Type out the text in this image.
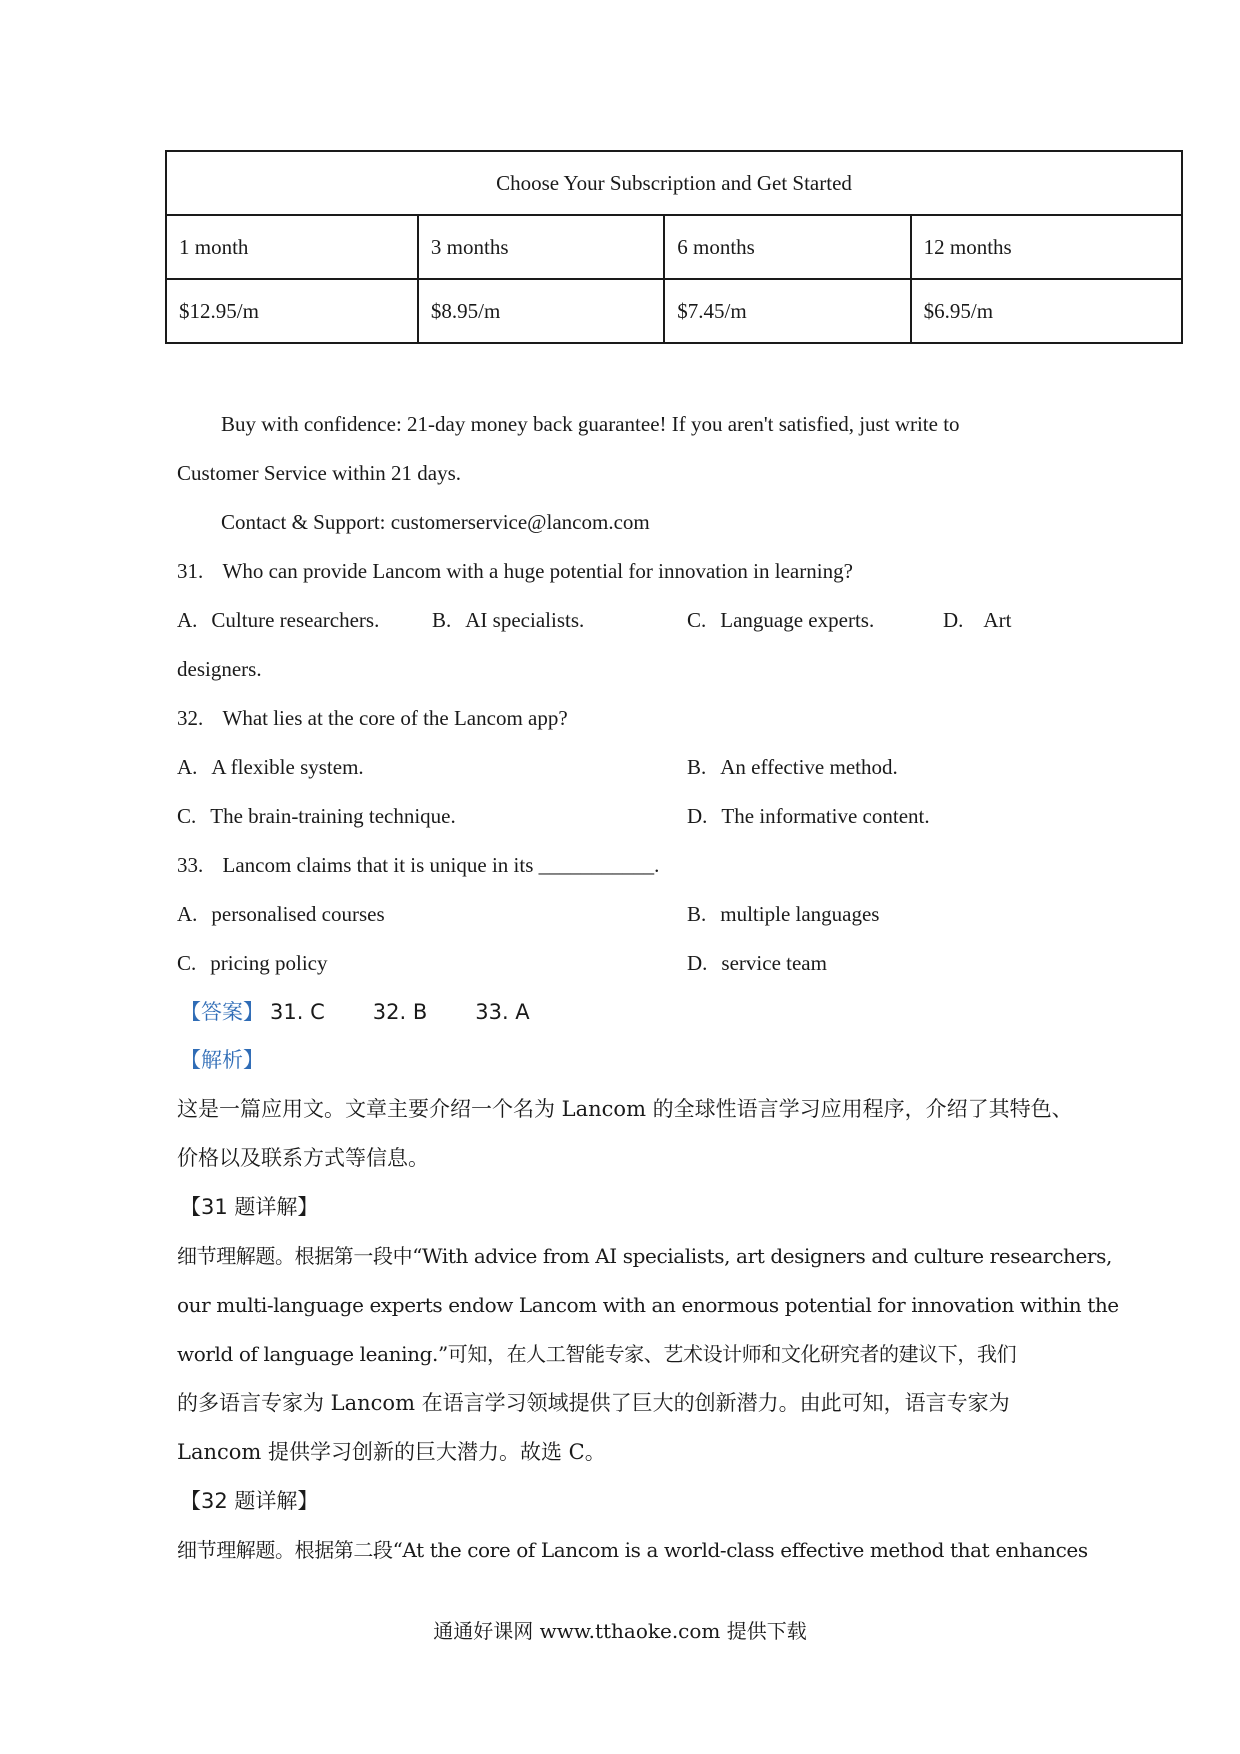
Choose Your Subscription and Get Started			
1 month	3 months	6 months	12 months
$12.95/m	$8.95/m	$7.45/m	$6.95/m
Buy with confidence: 21-day money back guarantee! If you aren't satisfied, just write to
Customer Service within 21 days.
Contact & Support: customerservice@lancom.com
31. Who can provide Lancom with a huge potential for innovation in learning?
A. Culture researchers.	B. AI specialists.	C. Language experts.	D. Art
designers.
32. What lies at the core of the Lancom app?
A. A flexible system.	B. An effective method.
C. The brain-training technique.	D. The informative content.
33. Lancom claims that it is unique in its ___________.
A. personalised courses	B. multiple languages
C. pricing policy	D. service team
【答案】 31. C 32. B 33. A
【解析】
这是一篇应用文。文章主要介绍一个名为 Lancom 的全球性语言学习应用程序，介绍了其特色、
价格以及联系方式等信息。
【31 题详解】
细节理解题。根据第一段中“With advice from AI specialists, art designers and culture researchers,
our multi-language experts endow Lancom with an enormous potential for innovation within the
world of language leaning.”可知，在人工智能专家、艺术设计师和文化研究者的建议下，我们
的多语言专家为 Lancom 在语言学习领域提供了巨大的创新潜力。由此可知，语言专家为
Lancom 提供学习创新的巨大潜力。故选 C。
【32 题详解】
细节理解题。根据第二段“At the core of Lancom is a world-class effective method that enhances
通通好课网 www.tthaoke.com 提供下载
